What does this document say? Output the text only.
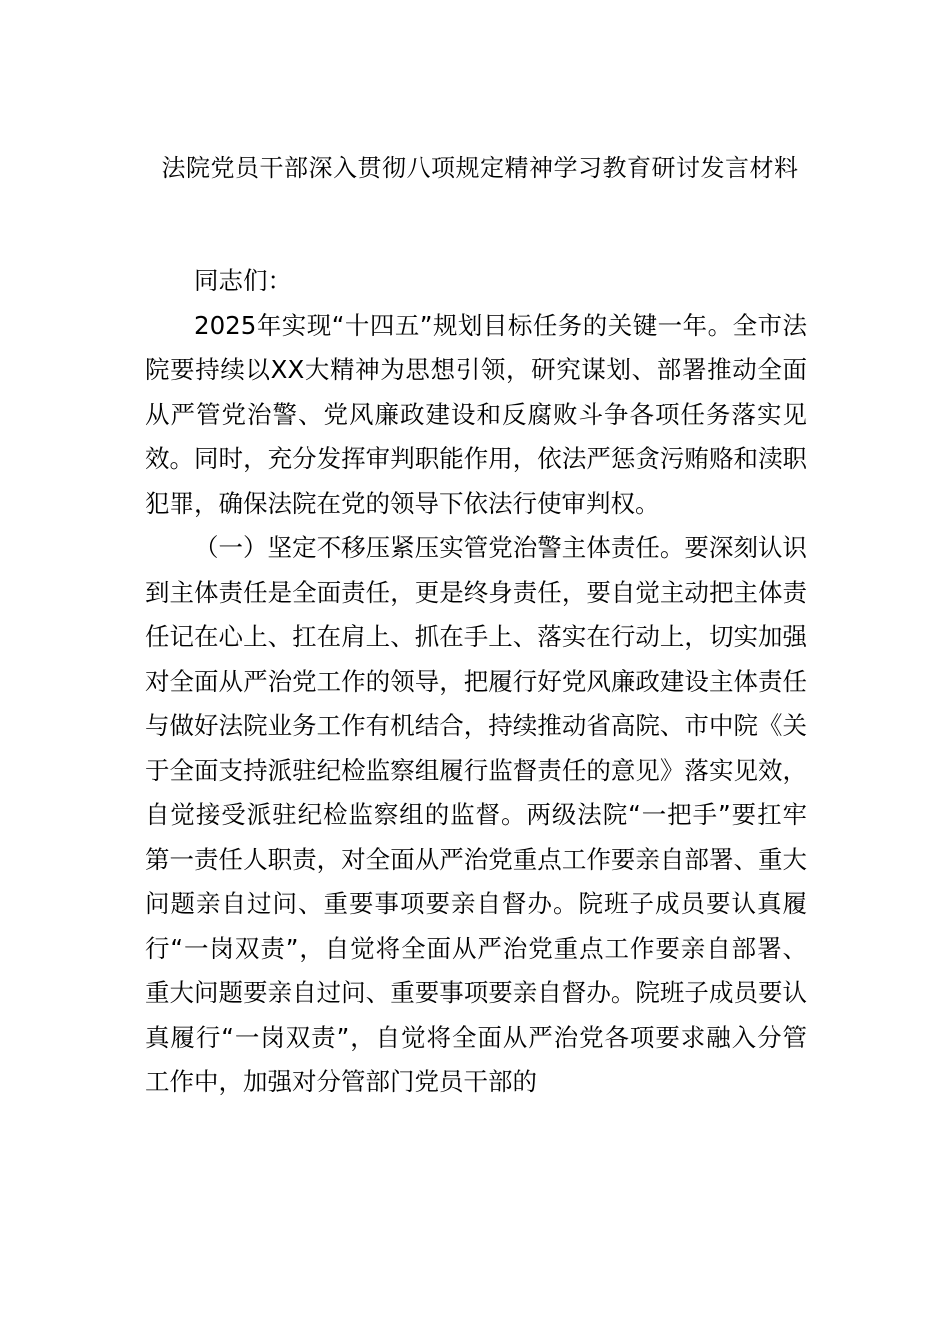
法院党员干部深入贯彻八项规定精神学习教育研讨发言材料

同志们：

2025年实现“十四五”规划目标任务的关键一年。全市法院要持续以XX大精神为思想引领，研究谋划、部署推动全面从严管党治警、党风廉政建设和反腐败斗争各项任务落实见效。同时，充分发挥审判职能作用，依法严惩贪污贿赂和渎职犯罪，确保法院在党的领导下依法行使审判权。

（一）坚定不移压紧压实管党治警主体责任。要深刻认识到主体责任是全面责任，更是终身责任，要自觉主动把主体责任记在心上、扛在肩上、抓在手上、落实在行动上，切实加强对全面从严治党工作的领导，把履行好党风廉政建设主体责任与做好法院业务工作有机结合，持续推动省高院、市中院《关于全面支持派驻纪检监察组履行监督责任的意见》落实见效，自觉接受派驻纪检监察组的监督。两级法院“一把手”要扛牢第一责任人职责，对全面从严治党重点工作要亲自部署、重大问题亲自过问、重要事项要亲自督办。院班子成员要认真履行“一岗双责”，自觉将全面从严治党重点工作要亲自部署、重大问题要亲自过问、重要事项要亲自督办。院班子成员要认真履行“一岗双责”，自觉将全面从严治党各项要求融入分管工作中，加强对分管部门党员干部的
